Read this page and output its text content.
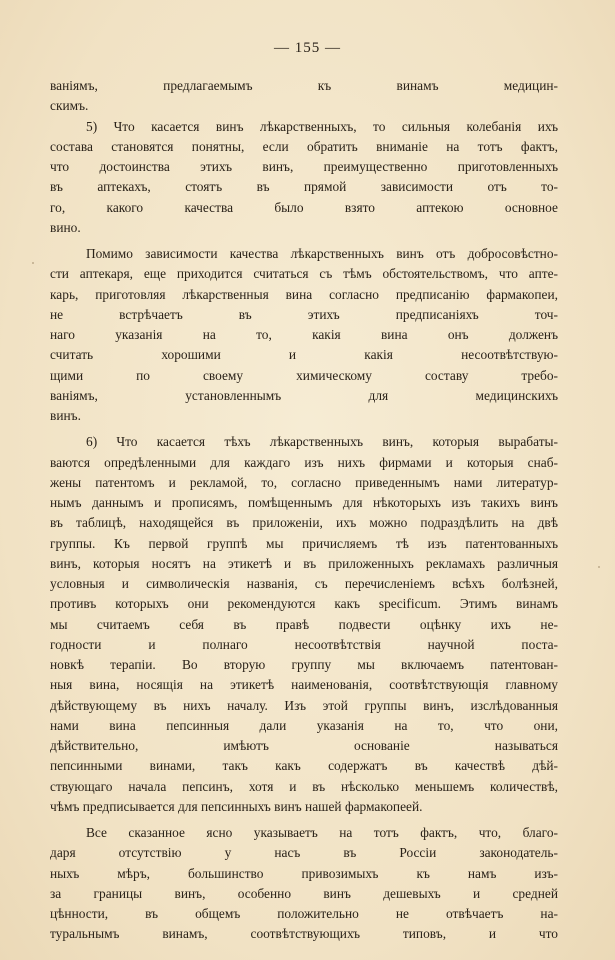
— 155 —
ваніямъ, предлагаемымъ къ винамъ медицин-
скимъ.
5) Что касается винъ лѣкарственныхъ, то сильныя колебанія ихъ
состава становятся понятны, если обратить вниманіе на тотъ фактъ,
что достоинства этихъ винъ, преимущественно приготовленныхъ
въ аптекахъ, стоятъ въ прямой зависимости отъ то-
го, какого качества было взято аптекою основное
вино.
Помимо зависимости качества лѣкарственныхъ винъ отъ добросовѣстно-
сти аптекаря, еще приходится считаться съ тѣмъ обстоятельствомъ, что апте-
карь, приготовляя лѣкарственныя вина согласно предписанію фармакопеи,
не встрѣчаетъ въ этихъ предписаніяхъ точ-
наго указанія на то, какія вина онъ долженъ
считать хорошими и какія несоотвѣтствую-
щими по своему химическому составу требо-
ваніямъ, установленнымъ для медицинскихъ
винъ.
6) Что касается тѣхъ лѣкарственныхъ винъ, которыя вырабаты-
ваются опредѣленными для каждаго изъ нихъ фирмами и которыя снаб-
жены патентомъ и рекламой, то, согласно приведеннымъ нами литератур-
нымъ даннымъ и прописямъ, помѣщеннымъ для нѣкоторыхъ изъ такихъ винъ
въ таблицѣ, находящейся въ приложеніи, ихъ можно подраздѣлить на двѣ
группы. Къ первой группѣ мы причисляемъ тѣ изъ патентованныхъ
винъ, которыя носятъ на этикетѣ и въ приложенныхъ рекламахъ различныя
условныя и символическія названія, съ перечисленіемъ всѣхъ болѣзней,
противъ которыхъ они рекомендуются какъ specificum. Этимъ винамъ
мы считаемъ себя въ правѣ подвести оцѣнку ихъ не-
годности и полнаго несоотвѣтствія научной поста-
новкѣ терапіи. Во вторую группу мы включаемъ патентован-
ныя вина, носящія на этикетѣ наименованія, соотвѣтствующія главному
дѣйствующему въ нихъ началу. Изъ этой группы винъ, изслѣдованныя
нами вина пепсинныя дали указанія на то, что они,
дѣйствительно, имѣютъ основаніе называться
пепсинными винами, такъ какъ содержатъ въ качествѣ дѣй-
ствующаго начала пепсинъ, хотя и въ нѣсколько меньшемъ количествѣ,
чѣмъ предписывается для пепсинныхъ винъ нашей фармакопеей.
Все сказанное ясно указываетъ на тотъ фактъ, что, благо-
даря отсутствію у насъ въ Россіи законодатель-
ныхъ мѣръ, большинство привозимыхъ къ намъ изъ-
за границы винъ, особенно винъ дешевыхъ и средней
цѣнности, въ общемъ положительно не отвѣчаетъ на-
туральнымъ винамъ, соотвѣтствующихъ типовъ, и что
